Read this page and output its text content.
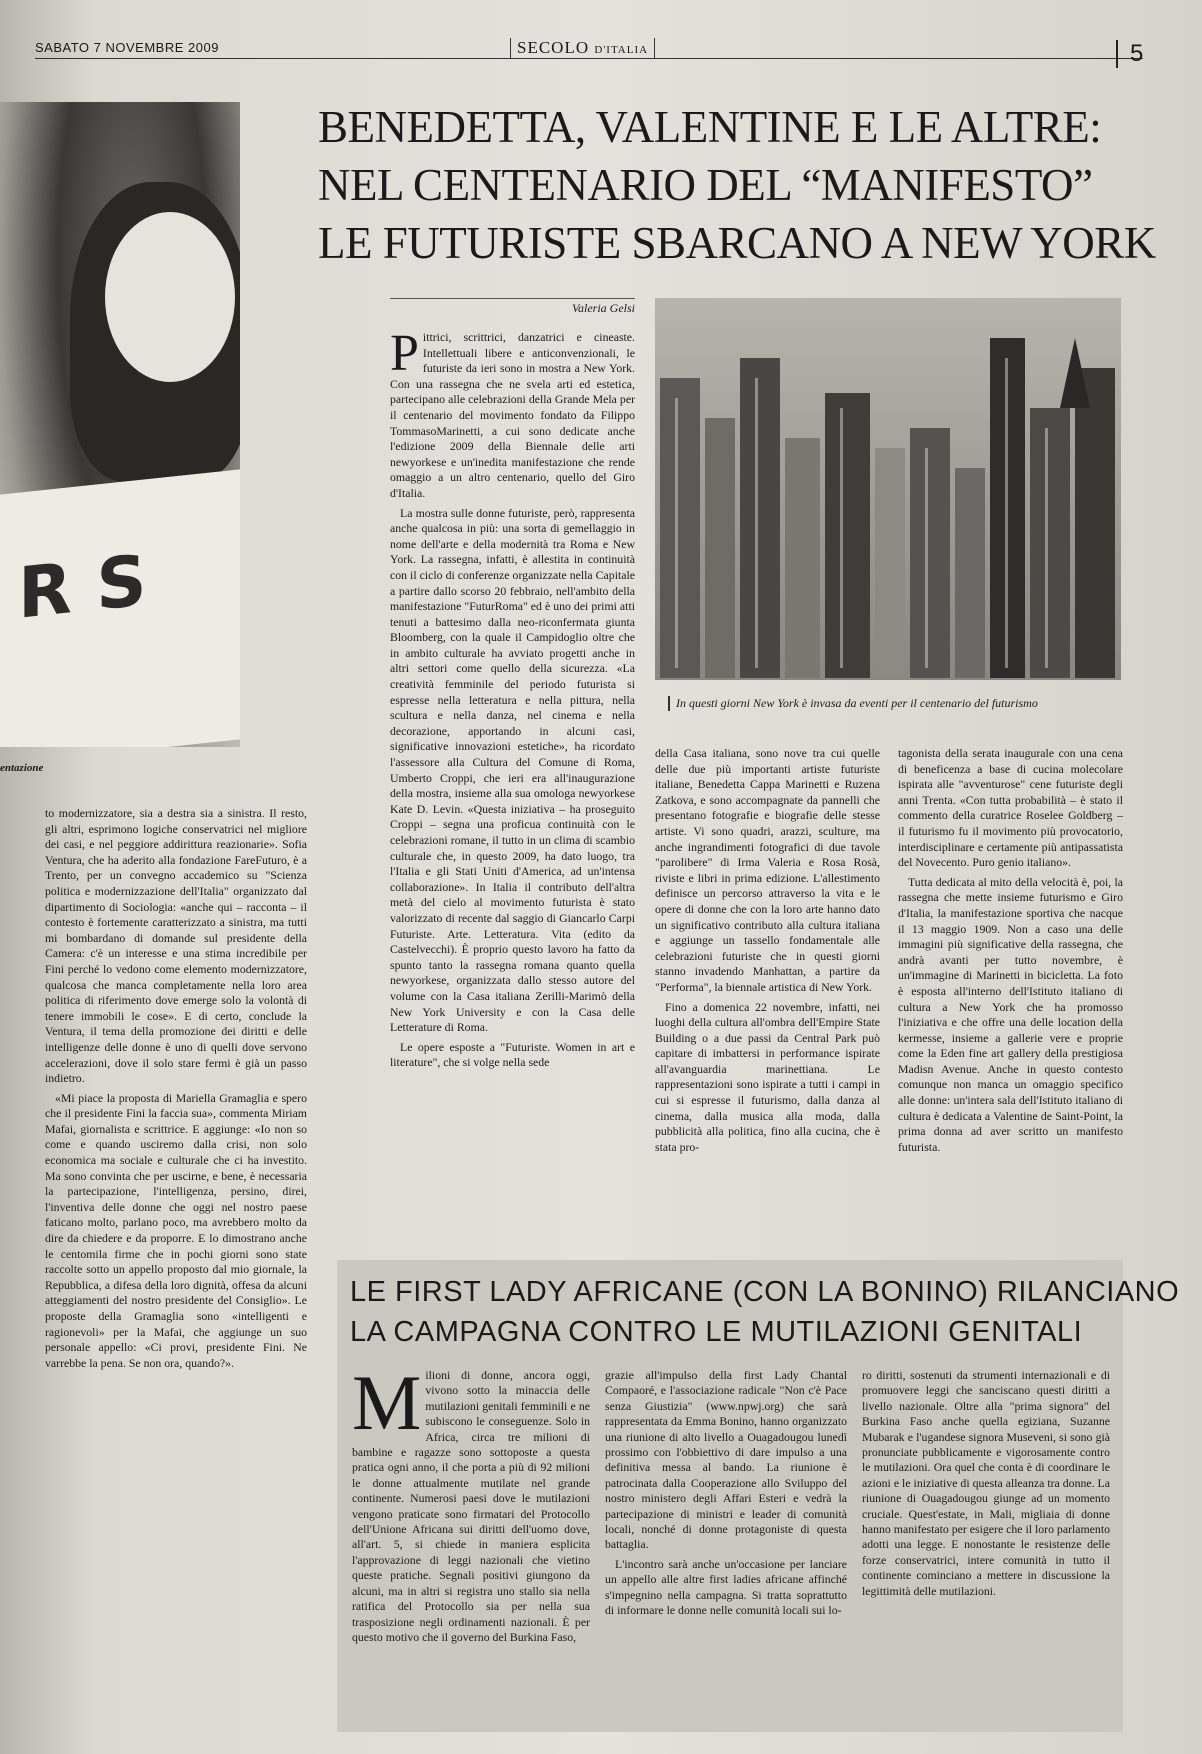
SABATO 7 NOVEMBRE 2009	SECOLO D'ITALIA	5
R S
entazione
BENEDETTA, VALENTINE E LE ALTRE:
NEL CENTENARIO DEL “MANIFESTO”
LE FUTURISTE SBARCANO A NEW YORK
Valeria Gelsi

to modernizzatore, sia a destra sia a sinistra. Il resto, gli altri, esprimono logiche conservatrici nel migliore dei casi, e nel peggiore addirittura reazionarie». Sofia Ventura, che ha aderito alla fondazione FareFuturo, è a Trento, per un convegno accademico su "Scienza politica e modernizzazione dell'Italia" organizzato dal dipartimento di Sociologia: «anche qui – racconta – il contesto è fortemente caratterizzato a sinistra, ma tutti mi bombardano di domande sul presidente della Camera: c'è un interesse e una stima incredibile per Fini perché lo vedono come elemento modernizzatore, qualcosa che manca completamente nella loro area politica di riferimento dove emerge solo la volontà di tenere immobili le cose». E di certo, conclude la Ventura, il tema della promozione dei diritti e delle intelligenze delle donne è uno di quelli dove servono accelerazioni, dove il solo stare fermi è già un passo indietro.

«Mi piace la proposta di Mariella Gramaglia e spero che il presidente Fini la faccia sua», commenta Miriam Mafai, giornalista e scrittrice. E aggiunge: «Io non so come e quando usciremo dalla crisi, non solo economica ma sociale e culturale che ci ha investito. Ma sono convinta che per uscirne, e bene, è necessaria la partecipazione, l'intelligenza, persino, direi, l'inventiva delle donne che oggi nel nostro paese faticano molto, parlano poco, ma avrebbero molto da dire da chiedere e da proporre. E lo dimostrano anche le centomila firme che in pochi giorni sono state raccolte sotto un appello proposto dal mio giornale, la Repubblica, a difesa della loro dignità, offesa da alcuni atteggiamenti del nostro presidente del Consiglio». Le proposte della Gramaglia sono «intelligenti e ragionevoli» per la Mafai, che aggiunge un suo personale appello: «Ci provi, presidente Fini. Ne varrebbe la pena. Se non ora, quando?».

P ittrici, scrittrici, danzatrici e cineaste. Intellettuali libere e anticonvenzionali, le futuriste da ieri sono in mostra a New York. Con una rassegna che ne svela arti ed estetica, partecipano alle celebrazioni della Grande Mela per il centenario del movimento fondato da Filippo TommasoMarinetti, a cui sono dedicate anche l'edizione 2009 della Biennale delle arti newyorkese e un'inedita manifestazione che rende omaggio a un altro centenario, quello del Giro d'Italia.

La mostra sulle donne futuriste, però, rappresenta anche qualcosa in più: una sorta di gemellaggio in nome dell'arte e della modernità tra Roma e New York. La rassegna, infatti, è allestita in continuità con il ciclo di conferenze organizzate nella Capitale a partire dallo scorso 20 febbraio, nell'ambito della manifestazione "FuturRoma" ed è uno dei primi atti tenuti a battesimo dalla neo-riconfermata giunta Bloomberg, con la quale il Campidoglio oltre che in ambito culturale ha avviato progetti anche in altri settori come quello della sicurezza. «La creatività femminile del periodo futurista si espresse nella letteratura e nella pittura, nella scultura e nella danza, nel cinema e nella decorazione, apportando in alcuni casi, significative innovazioni estetiche», ha ricordato l'assessore alla Cultura del Comune di Roma, Umberto Croppi, che ieri era all'inaugurazione della mostra, insieme alla sua omologa newyorkese Kate D. Levin. «Questa iniziativa – ha proseguito Croppi – segna una proficua continuità con le celebrazioni romane, il tutto in un clima di scambio culturale che, in questo 2009, ha dato luogo, tra l'Italia e gli Stati Uniti d'America, ad un'intensa collaborazione». In Italia il contributo dell'altra metà del cielo al movimento futurista è stato valorizzato di recente dal saggio di Giancarlo Carpi Futuriste. Arte. Letteratura. Vita (edito da Castelvecchi). È proprio questo lavoro ha fatto da spunto tanto la rassegna romana quanto quella newyorkese, organizzata dallo stesso autore del volume con la Casa italiana Zerilli-Marimò della New York University e con la Casa delle Letterature di Roma.

Le opere esposte a "Futuriste. Women in art e literature", che si volge nella sede

In questi giorni New York è invasa da eventi per il centenario del futurismo

della Casa italiana, sono nove tra cui quelle delle due più importanti artiste futuriste italiane, Benedetta Cappa Marinetti e Ruzena Zatkova, e sono accompagnate da pannelli che presentano fotografie e biografie delle stesse artiste. Vi sono quadri, arazzi, sculture, ma anche ingrandimenti fotografici di due tavole "parolibere" di Irma Valeria e Rosa Rosà, riviste e libri in prima edizione. L'allestimento definisce un percorso attraverso la vita e le opere di donne che con la loro arte hanno dato un significativo contributo alla cultura italiana e aggiunge un tassello fondamentale alle celebrazioni futuriste che in questi giorni stanno invadendo Manhattan, a partire da "Performa", la biennale artistica di New York.

Fino a domenica 22 novembre, infatti, nei luoghi della cultura all'ombra dell'Empire State Building o a due passi da Central Park può capitare di imbattersi in performance ispirate all'avanguardia marinettiana. Le rappresentazioni sono ispirate a tutti i campi in cui si espresse il futurismo, dalla danza al cinema, dalla musica alla moda, dalla pubblicità alla politica, fino alla cucina, che è stata pro-

tagonista della serata inaugurale con una cena di beneficenza a base di cucina molecolare ispirata alle "avventurose" cene futuriste degli anni Trenta. «Con tutta probabilità – è stato il commento della curatrice Roselee Goldberg – il futurismo fu il movimento più provocatorio, interdisciplinare e certamente più antipassatista del Novecento. Puro genio italiano».

Tutta dedicata al mito della velocità è, poi, la rassegna che mette insieme futurismo e Giro d'Italia, la manifestazione sportiva che nacque il 13 maggio 1909. Non a caso una delle immagini più significative della rassegna, che andrà avanti per tutto novembre, è un'immagine di Marinetti in bicicletta. La foto è esposta all'interno dell'Istituto italiano di cultura a New York che ha promosso l'iniziativa e che offre una delle location della kermesse, insieme a gallerie vere e proprie come la Eden fine art gallery della prestigiosa Madisn Avenue. Anche in questo contesto comunque non manca un omaggio specifico alle donne: un'intera sala dell'Istituto italiano di cultura è dedicata a Valentine de Saint-Point, la prima donna ad aver scritto un manifesto futurista.

LE FIRST LADY AFRICANE (CON LA BONINO) RILANCIANO
LA CAMPAGNA CONTRO LE MUTILAZIONI GENITALI
M ilioni di donne, ancora oggi, vivono sotto la minaccia delle mutilazioni genitali femminili e ne subiscono le conseguenze. Solo in Africa, circa tre milioni di bambine e ragazze sono sottoposte a questa pratica ogni anno, il che porta a più di 92 milioni le donne attualmente mutilate nel grande continente. Numerosi paesi dove le mutilazioni vengono praticate sono firmatari del Protocollo dell'Unione Africana sui diritti dell'uomo dove, all'art. 5, si chiede in maniera esplicita l'approvazione di leggi nazionali che vietino queste pratiche. Segnali positivi giungono da alcuni, ma in altri si registra uno stallo sia nella ratifica del Protocollo sia per nella sua trasposizione negli ordinamenti nazionali. È per questo motivo che il governo del Burkina Faso,

grazie all'impulso della first Lady Chantal Compaoré, e l'associazione radicale "Non c'è Pace senza Giustizia" (www.npwj.org) che sarà rappresentata da Emma Bonino, hanno organizzato una riunione di alto livello a Ouagadougou lunedì prossimo con l'obbiettivo di dare impulso a una definitiva messa al bando. La riunione è patrocinata dalla Cooperazione allo Sviluppo del nostro ministero degli Affari Esteri e vedrà la partecipazione di ministri e leader di comunità locali, nonché di donne protagoniste di questa battaglia.

L'incontro sarà anche un'occasione per lanciare un appello alle altre first ladies africane affinché s'impegnino nella campagna. Si tratta soprattutto di informare le donne nelle comunità locali sui lo-

ro diritti, sostenuti da strumenti internazionali e di promuovere leggi che sanciscano questi diritti a livello nazionale. Oltre alla "prima signora" del Burkina Faso anche quella egiziana, Suzanne Mubarak e l'ugandese signora Museveni, si sono già pronunciate pubblicamente e vigorosamente contro le mutilazioni. Ora quel che conta è di coordinare le azioni e le iniziative di questa alleanza tra donne. La riunione di Ouagadougou giunge ad un momento cruciale. Quest'estate, in Mali, migliaia di donne hanno manifestato per esigere che il loro parlamento adotti una legge. E nonostante le resistenze delle forze conservatrici, intere comunità in tutto il continente cominciano a mettere in discussione la legittimità delle mutilazioni.
